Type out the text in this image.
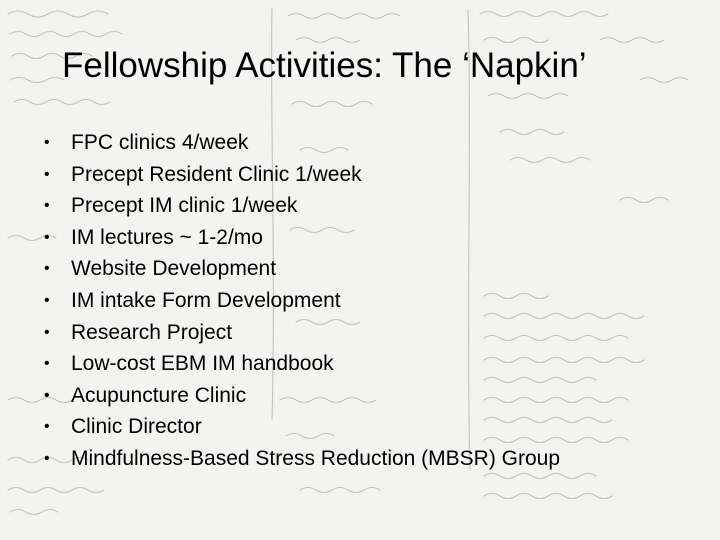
Fellowship Activities: The ‘Napkin’
• FPC clinics 4/week
• Precept Resident Clinic 1/week
• Precept IM clinic 1/week
• IM lectures ~ 1-2/mo
• Website Development
• IM intake Form Development
• Research Project
• Low-cost EBM IM handbook
• Acupuncture Clinic
• Clinic Director
• Mindfulness-Based Stress Reduction (MBSR) Group
